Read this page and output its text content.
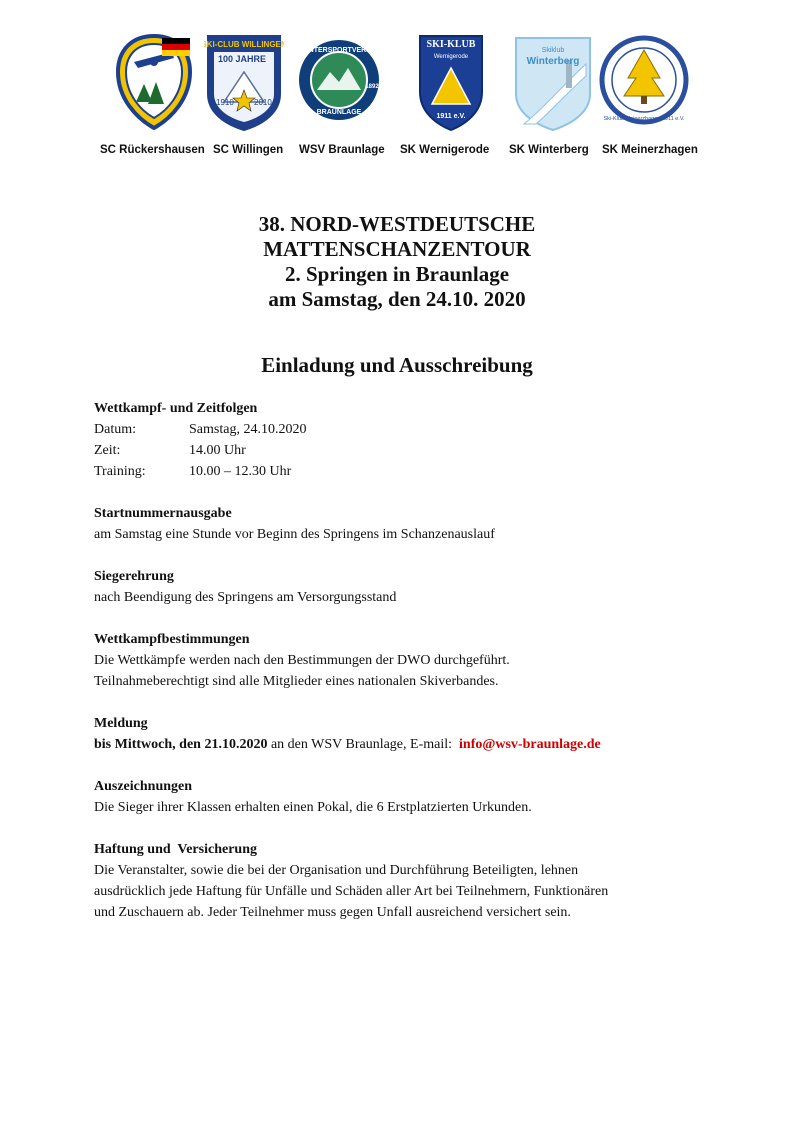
SKI-CLUB WILLINGEN
100 JAHRE
1910	2010
WINTERSPORTVEREIN
BRAUNLAGE
1892
SKI-KLUB
Wernigerode
1911 e.V.
Skiklub
Winterberg
Ski-Klub Meinerzhagen 1911 e.V.
SC Rückershausen SC Willingen WSV Braunlage SK Wernigerode SK Winterberg SK Meinerzhagen
38. NORD-WESTDEUTSCHE
MATTENSCHANZENTOUR
2. Springen in Braunlage
am Samstag, den 24.10. 2020
Einladung und Ausschreibung
Wettkampf- und Zeitfolgen
Datum:	Samstag, 24.10.2020
Zeit:	14.00 Uhr
Training:	10.00 – 12.30 Uhr
Startnummernausgabe
am Samstag eine Stunde vor Beginn des Springens im Schanzenauslauf
Siegerehrung
nach Beendigung des Springens am Versorgungsstand
Wettkampfbestimmungen
Die Wettkämpfe werden nach den Bestimmungen der DWO durchgeführt.
Teilnahmeberechtigt sind alle Mitglieder eines nationalen Skiverbandes.
Meldung
bis Mittwoch, den 21.10.2020 an den WSV Braunlage, E-mail:  info@wsv-braunlage.de
Auszeichnungen
Die Sieger ihrer Klassen erhalten einen Pokal, die 6 Erstplatzierten Urkunden.
Haftung und  Versicherung
Die Veranstalter, sowie die bei der Organisation und Durchführung Beteiligten, lehnen
ausdrücklich jede Haftung für Unfälle und Schäden aller Art bei Teilnehmern, Funktionären
und Zuschauern ab. Jeder Teilnehmer muss gegen Unfall ausreichend versichert sein.
